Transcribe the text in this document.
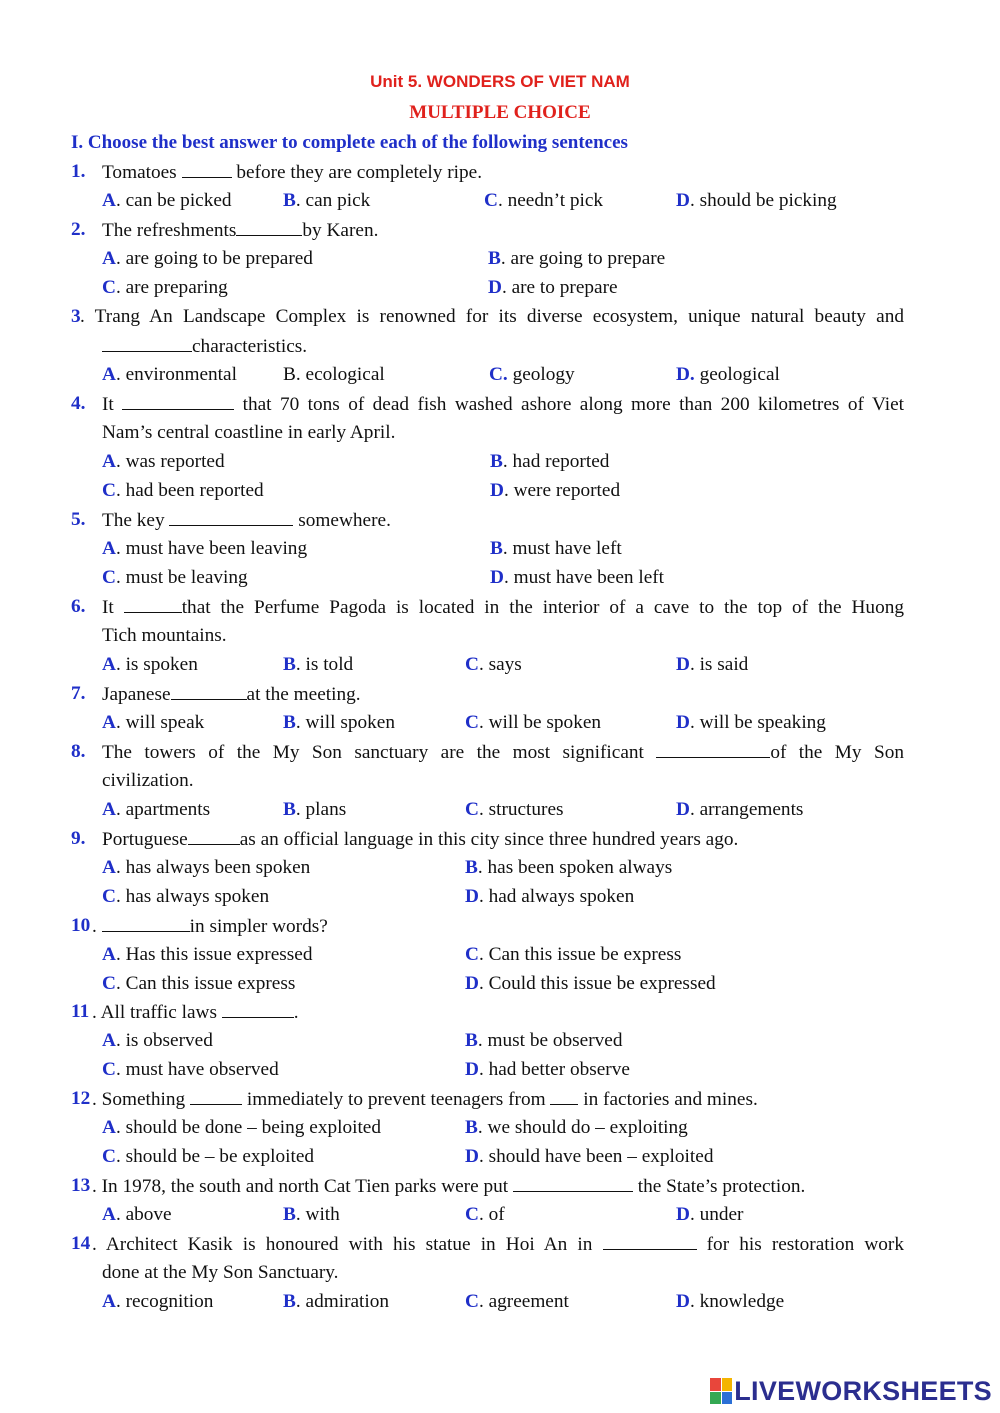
Unit 5. WONDERS OF VIET NAM
MULTIPLE CHOICE
I. Choose the best answer to complete each of the following sentences
1. Tomatoes	before they are completely ripe.
A. can be picked	B. can pick	C. needn’t pick	D. should be picking
2. The refreshments	by Karen.
A. are going to be prepared	B. are going to prepare
C. are preparing	D. are to prepare
3 . Trang An Landscape Complex is renowned for its diverse ecosystem, unique natural beauty and
characteristics.
A. environmental B. ecological	C. geology	D. geological
4. It	that 70 tons of dead fish washed ashore along more than 200 kilometres of Viet
Nam’s central coastline in early April.
A. was reported	B. had reported
C. had been reported	D. were reported
5. The key	somewhere.
A. must have been leaving	B. must have left
C. must be leaving	D. must have been left
6. It	that the Perfume Pagoda is located in the interior of a cave to the top of the Huong
Tich mountains.
A. is spoken	B. is told	C. says	D. is said
7. Japanese	at the meeting.
A. will speak	B. will spoken	C. will be spoken	D. will be speaking
8. The towers of the My Son sanctuary are the most significant	of the My Son
civilization.
A. apartments	B. plans	C. structures	D. arrangements
9. Portuguese	as an official language in this city since three hundred years ago.
A. has always been spoken	B. has been spoken always
C. has always spoken	D. had always spoken
10 .	in simpler words?
A. Has this issue expressed	C. Can this issue be express
C. Can this issue express	D. Could this issue be expressed
11 . All traffic laws	.
A. is observed	B. must be observed
C. must have observed	D. had better observe
12 . Something	immediately to prevent teenagers from  in factories and mines.
A. should be done – being exploited	B. we should do – exploiting
C. should be – be exploited	D. should have been – exploited
13 . In 1978, the south and north Cat Tien parks were put	the State’s protection.
A. above	B. with	C. of	D. under
14 . Architect Kasik is honoured with his statue in Hoi An in	for his restoration work
done at the My Son Sanctuary.
A. recognition	B. admiration	C. agreement	D. knowledge
LIVEWORKSHEETS
